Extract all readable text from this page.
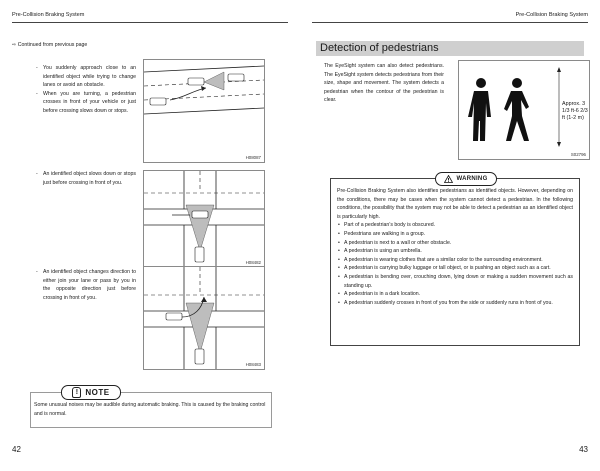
Pre-Collision Braking System	Pre-Collision Braking System
⇨ Continued from previous page
- You suddenly approach close to an identified object while trying to change lanes or avoid an obstacle.
- When you are turning, a pedestrian crosses in front of your vehicle or just before crossing slows down or stops.
H08087
- An identified object slows down or stops just before crossing in front of you.
H08482
- An identified object changes direction to either join your lane or pass by you in the opposite direction just before crossing in front of you.
H08483
! NOTE
Some unusual noises may be audible during automatic braking. This is caused by the braking control and is normal.
42
Detection of pedestrians
The EyeSight system can also detect pedestrians. The EyeSight system detects pedestrians from their size, shape and movement. The system detects a pedestrian when the contour of the pedestrian is clear.
Approx. 3 1/3 ft-6 2/3 ft (1-2 m)
S02796
WARNING
Pre-Collision Braking System also identifies pedestrians as identified objects. However, depending on the conditions, there may be cases when the system cannot detect a pedestrian. In the following conditions, the possibility that the system may not be able to detect a pedestrian as an identified object is particularly high.
• Part of a pedestrian’s body is obscured.
• Pedestrians are walking in a group.
• A pedestrian is next to a wall or other obstacle.
• A pedestrian is using an umbrella.
• A pedestrian is wearing clothes that are a similar color to the surrounding environment.
• A pedestrian is carrying bulky luggage or tall object, or is pushing an object such as a cart.
• A pedestrian is bending over, crouching down, lying down or making a sudden movement such as standing up.
• A pedestrian is in a dark location.
• A pedestrian suddenly crosses in front of you from the side or suddenly runs in front of you.
43
